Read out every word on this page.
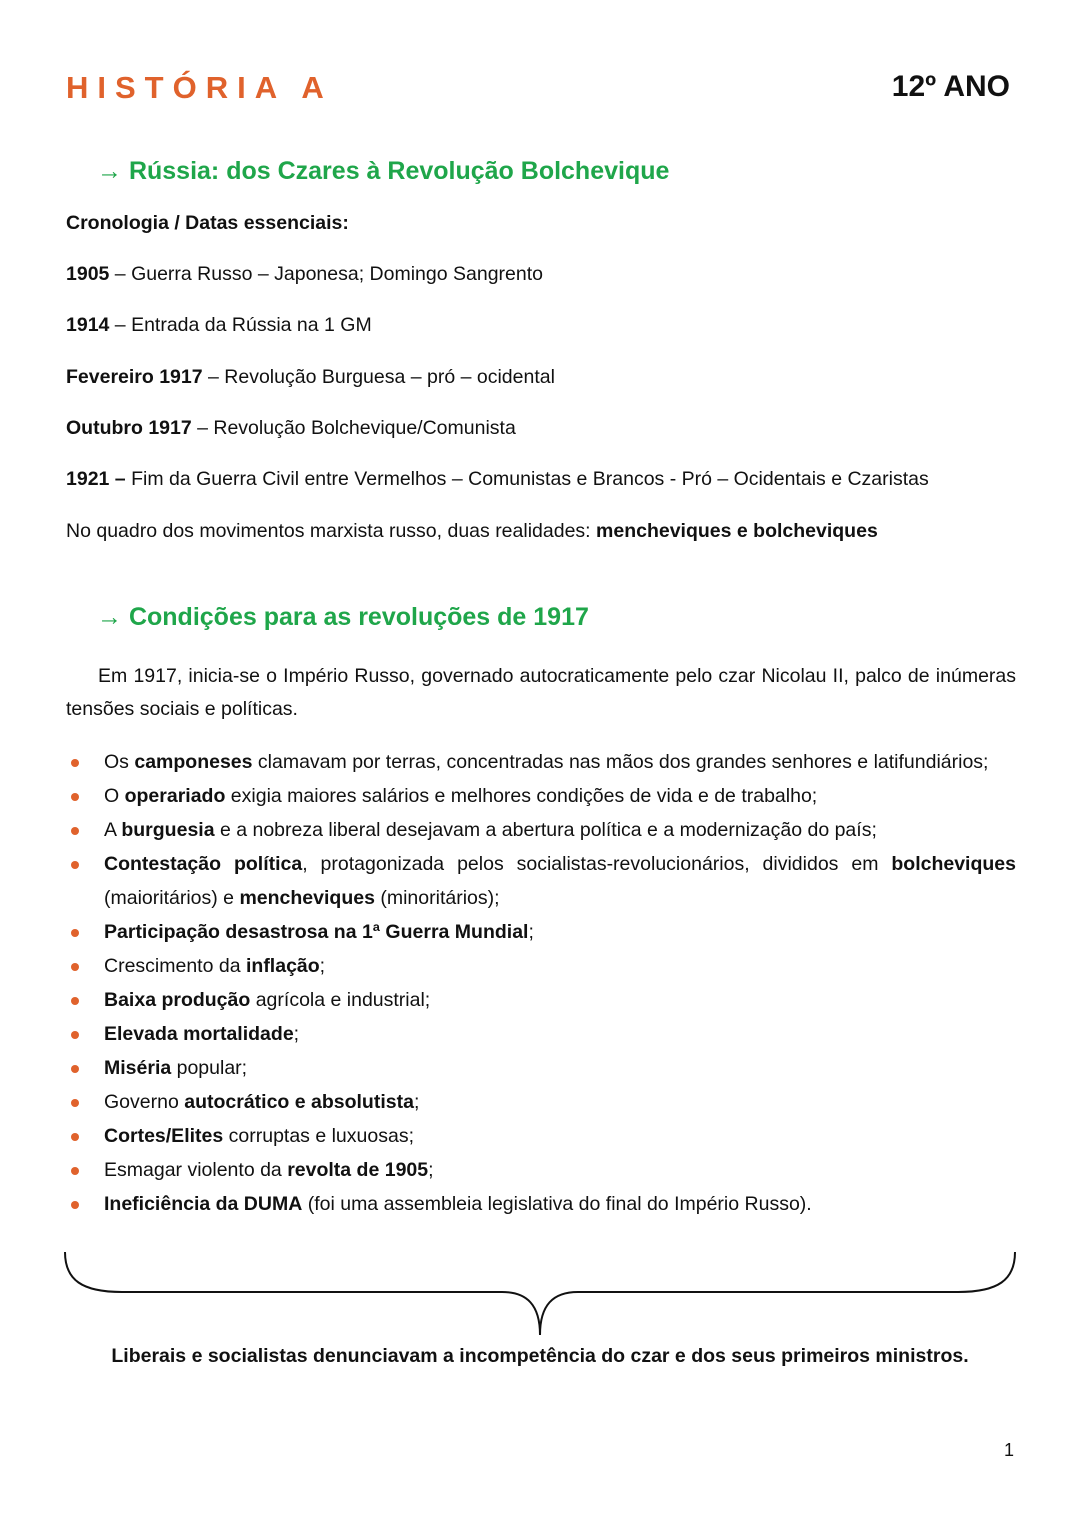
HISTÓRIA A	12º ANO
→ Rússia: dos Czares à Revolução Bolchevique
Cronologia / Datas essenciais:
1905 – Guerra Russo – Japonesa; Domingo Sangrento
1914 – Entrada da Rússia na 1 GM
Fevereiro 1917 – Revolução Burguesa – pró – ocidental
Outubro 1917 – Revolução Bolchevique/Comunista
1921 – Fim da Guerra Civil entre Vermelhos – Comunistas e Brancos - Pró – Ocidentais e Czaristas
No quadro dos movimentos marxista russo, duas realidades: mencheviques e bolcheviques
→ Condições para as revoluções de 1917
Em 1917, inicia-se o Império Russo, governado autocraticamente pelo czar Nicolau II, palco de inúmeras tensões sociais e políticas.
Os camponeses clamavam por terras, concentradas nas mãos dos grandes senhores e latifundiários;
O operariado exigia maiores salários e melhores condições de vida e de trabalho;
A burguesia e a nobreza liberal desejavam a abertura política e a modernização do país;
Contestação política, protagonizada pelos socialistas-revolucionários, divididos em bolcheviques (maioritários) e mencheviques (minoritários);
Participação desastrosa na 1ª Guerra Mundial;
Crescimento da inflação;
Baixa produção agrícola e industrial;
Elevada mortalidade;
Miséria popular;
Governo autocrático e absolutista;
Cortes/Elites corruptas e luxuosas;
Esmagar violento da revolta de 1905;
Ineficiência da DUMA (foi uma assembleia legislativa do final do Império Russo).
Liberais e socialistas denunciavam a incompetência do czar e dos seus primeiros ministros.
1
